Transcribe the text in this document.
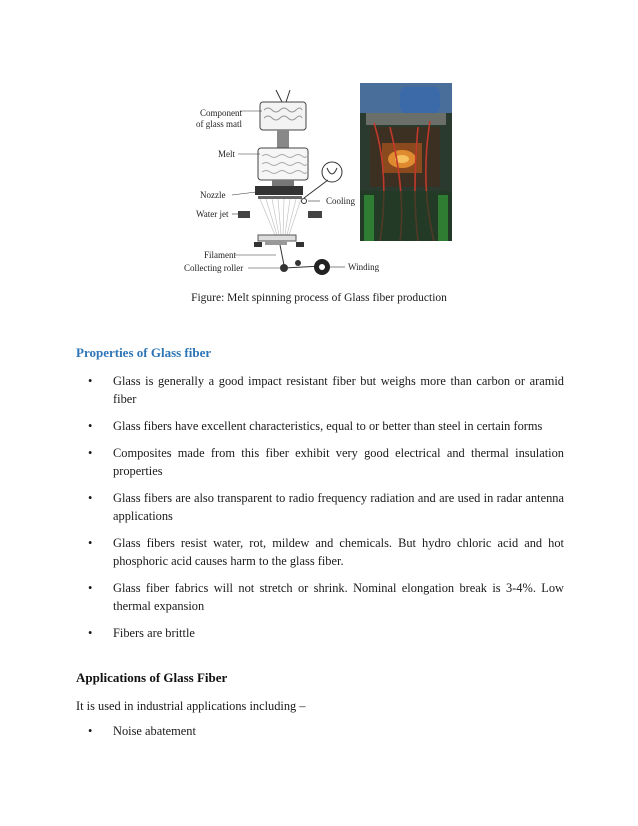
Component
of glass matl
Melt
Nozzle
Water jet
Cooling
Filament
Collecting roller	Winding
Figure: Melt spinning process of Glass fiber production
Properties of Glass fiber
• Glass is generally a good impact resistant fiber but weighs more than carbon or aramid fiber
• Glass fibers have excellent characteristics, equal to or better than steel in certain forms
• Composites made from this fiber exhibit very good electrical and thermal insulation properties
• Glass fibers are also transparent to radio frequency radiation and are used in radar antenna applications
• Glass fibers resist water, rot, mildew and chemicals. But hydro chloric acid and hot phosphoric acid causes harm to the glass fiber.
• Glass fiber fabrics will not stretch or shrink. Nominal elongation break is 3-4%. Low thermal expansion
• Fibers are brittle
Applications of Glass Fiber
It is used in industrial applications including –
• Noise abatement
